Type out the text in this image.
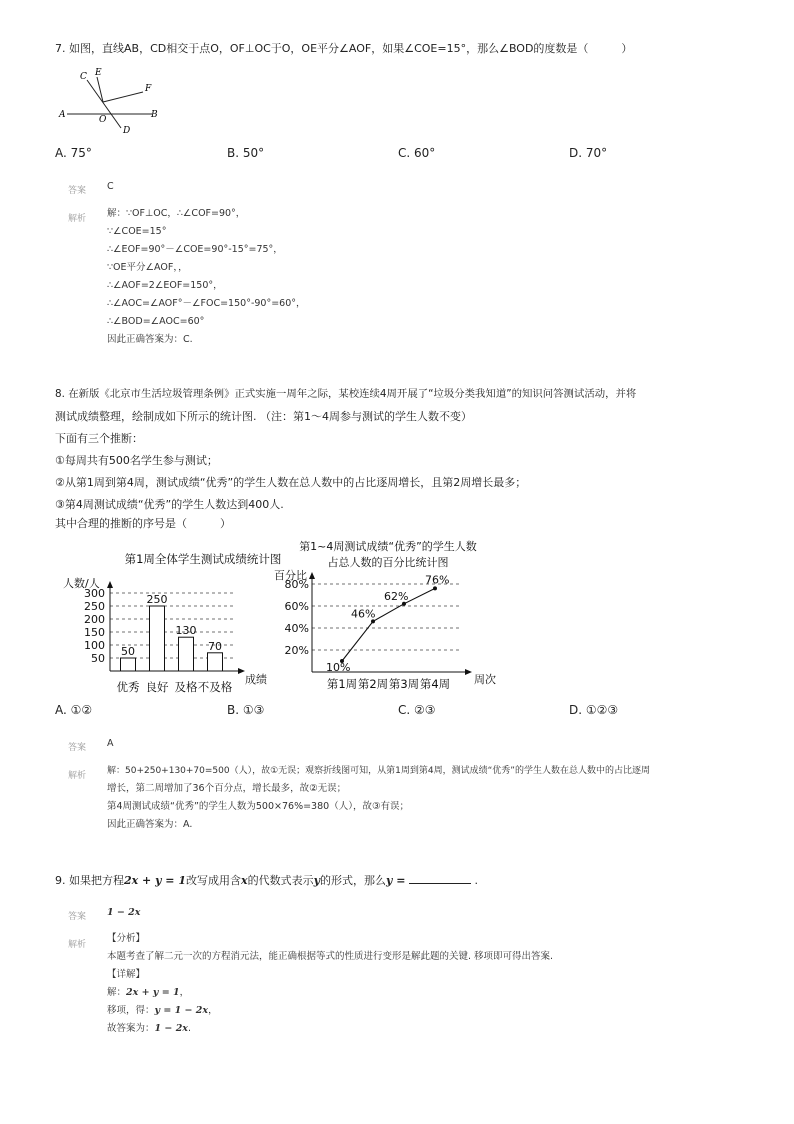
7. 如图，直线AB，CD相交于点O，OF⊥OC于O，OE平分∠AOF，如果∠COE=15°，那么∠BOD的度数是（　　　）
C E
F
A	O	B
D
A. 75°	B. 50°	C. 60°	D. 70°
答案 C
解析 解：∵OF⊥OC，∴∠COF=90°，
∵∠COE=15°
∴∠EOF=90°－∠COE=90°-15°=75°，
∵OE平分∠AOF，，
∴∠AOF=2∠EOF=150°，
∴∠AOC=∠AOF°－∠FOC=150°-90°=60°，
∴∠BOD=∠AOC=60°
因此正确答案为：C.
8. 在新版《北京市生活垃圾管理条例》正式实施一周年之际，某校连续4周开展了“垃圾分类我知道”的知识问答测试活动，并将
测试成绩整理，绘制成如下所示的统计图. （注：第1～4周参与测试的学生人数不变）
下面有三个推断：
①每周共有500名学生参与测试；
②从第1周到第4周，测试成绩“优秀”的学生人数在总人数中的占比逐周增长，且第2周增长最多；
③第4周测试成绩“优秀”的学生人数达到400人.
其中合理的推断的序号是（　　　）
第1周全体学生测试成绩统计图
人数/人
成绩
50
100
150
200
250
300
50
优秀
250
良好
130
及格
70
不及格
第1~4周测试成绩“优秀”的学生人数
占总人数的百分比统计图
百分比
周次
20%
40%
60%
80%
10%
46%
62%
76%
第1周 第2周 第3周 第4周
A. ①②	B. ①③	C. ②③	D. ①②③
答案 A
解析 解：50+250+130+70=500（人），故①无误；观察折线图可知，从第1周到第4周，测试成绩“优秀”的学生人数在总人数中的占比逐周
增长，第二周增加了36个百分点，增长最多，故②无误；
第4周测试成绩“优秀”的学生人数为500×76%=380（人），故③有误；
因此正确答案为：A.
9. 如果把方程2x + y = 1改写成用含x的代数式表示y的形式，那么y =	.
答案 1 − 2x
解析
【分析】
本题考查了解二元一次的方程消元法，能正确根据等式的性质进行变形是解此题的关键. 移项即可得出答案.
【详解】
解：2x + y = 1，
移项，得：y = 1 − 2x，
故答案为：1 − 2x.
